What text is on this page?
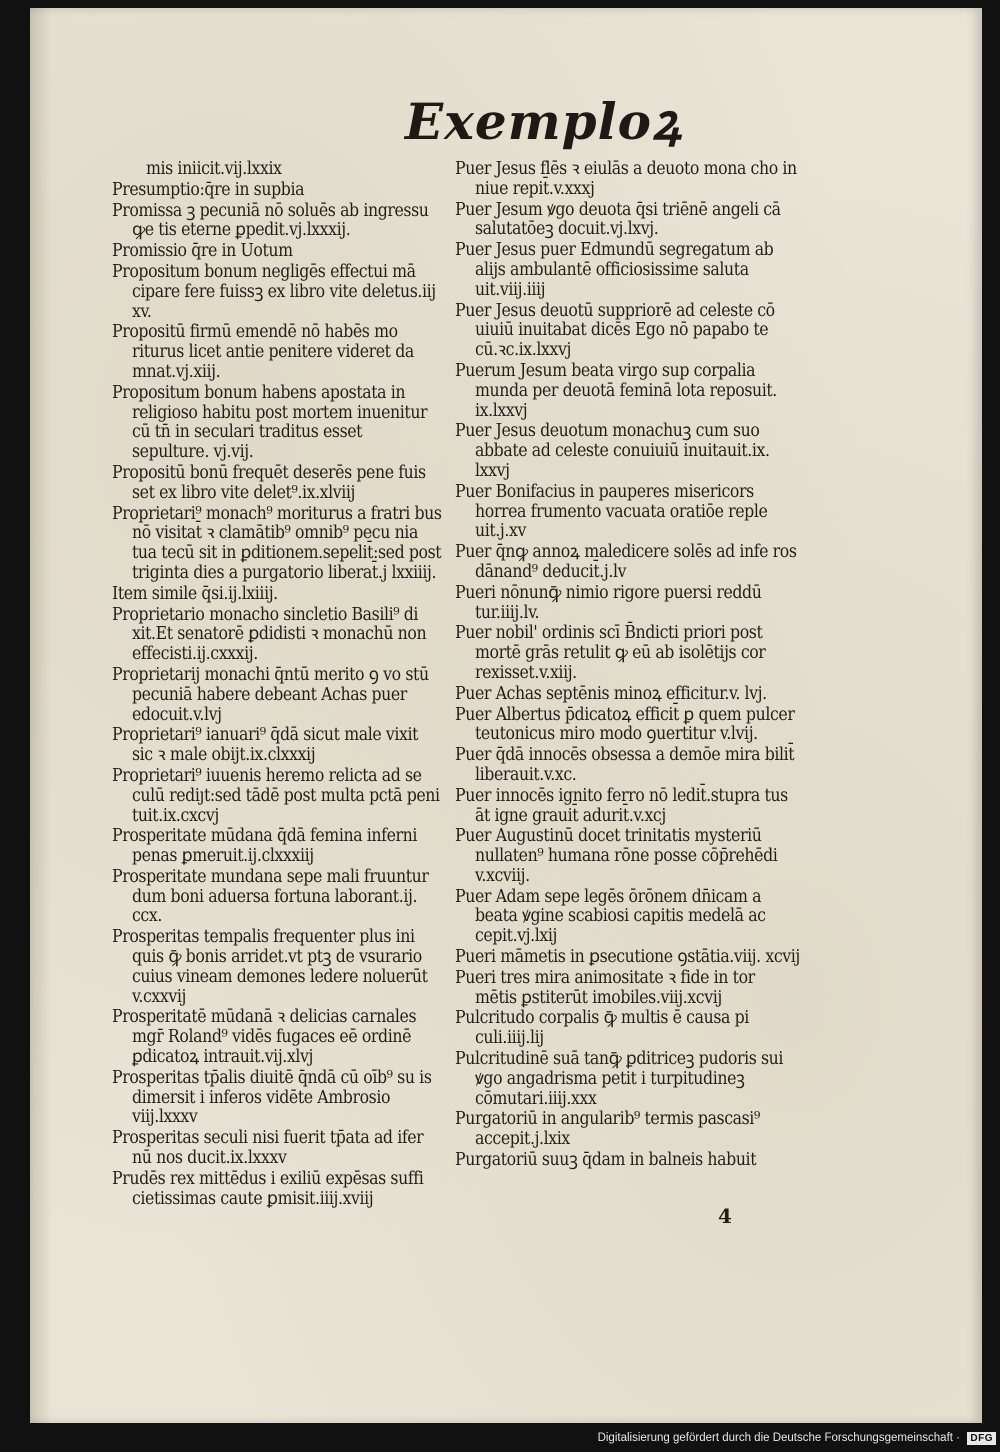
Exemploꝝ
mis iniicit.vij.lxxix
Presumptio:q̄re in supbia
Promissa ꝫ pecuniā nō soluēs ab ingressu ꝙe tis eterne ꝑpedit.vj.lxxxij.
Promissio q̄re in Uotum
Propositum bonum negligēs effectui mā cipare fere fuissꝫ ex libro vite deletus.iij xv.
Propositū firmū emendē nō habēs mo riturus licet antie penitere videret da mnat.vj.xiij.
Propositum bonum habens apostata in religioso habitu post mortem inuenitur cū tn̄ in seculari traditus esset sepulture. vj.vij.
Propositū bonū frequēt deserēs pene fuis set ex libro vite delet⁹.ix.xlviij
Proprietari⁹ monach⁹ moriturus a fratri bus nō visitat̄ ꝛ clamātib⁹ omnib⁹ pecu nia tua tecū sit in ꝑditionem.sepelit̄:sed post triginta dies a purgatorio liberat̄.j lxxiiij.
Item simile q̄si.ij.lxiiij.
Proprietario monacho sincletio Basili⁹ di xit.Et senatorē ꝑdidisti ꝛ monachū non effecisti.ij.cxxxij.
Proprietarij monachi q̄ntū merito ꝯ vo stū pecuniā habere debeant Achas puer edocuit.v.lvj
Proprietari⁹ ianuari⁹ q̄dā sicut male vixit sic ꝛ male obijt.ix.clxxxij
Proprietari⁹ iuuenis heremo relicta ad se culū rediȷt:sed tādē post multa pctā peni tuit.ix.cxcvj
Prosperitate mūdana q̄dā femina inferni penas ꝑmeruit.ij.clxxxiij
Prosperitate mundana sepe mali fruuntur dum boni aduersa fortuna laborant.ij. ccx.
Prosperitas tempalis frequenter plus ini quis ꝙ̄ bonis arridet.vt ptꝫ de vsurario cuius vineam demones ledere noluerūt v.cxxvij
Prosperitatē mūdanā ꝛ delicias carnales mgr̄ Roland⁹ vidēs fugaces eē ordinē ꝑdicatoꝝ intrauit.vij.xlvj
Prosperitas tp̄alis diuitē q̄ndā cū oīb⁹ su is dimersit i inferos vidēte Ambrosio viij.lxxxv
Prosperitas seculi nisi fuerit tp̄ata ad ifer nū nos ducit.ix.lxxxv
Prudēs rex mittēdus i exiliū expēsas suffi cietissimas caute ꝑmisit.iiij.xviij
Puer Jesus flēs ꝛ eiulās a deuoto mona cho in niue repit̄.v.xxxj
Puer Jesum ꝟgo deuota q̄si triēnē angeli cā salutatōeꝫ docuit.vj.lxvj.
Puer Jesus puer Edmundū segregatum ab alijs ambulantē officiosissime saluta uit.viij.iiij
Puer Jesus deuotū suppriorē ad celeste cō uiuiū inuitabat dicēs Ego nō papabo te cū.ꝛc.ix.lxxvj
Puerum Jesum beata virgo sup corpalia munda per deuotā feminā lota reposuit. ix.lxxvj
Puer Jesus deuotum monachuꝫ cum suo abbate ad celeste conuiuiū inuitauit.ix. lxxvj
Puer Bonifacius in pauperes misericors horrea frumento vacuata oratiōe reple uit.j.xv
Puer q̄nꝙ annoꝝ maledicere solēs ad infe ros dānand⁹ deducit̄.j.lv
Pueri nōnunꝙ̄ nimio rigore puersi reddū tur.iiij.lv.
Puer nobil' ordinis scī B̄ndicti priori post mortē grās retulit ꝙ eū ab isolētijs cor rexisset.v.xiij.
Puer Achas septēnis minoꝝ efficitur.v. lvj.
Puer Albertus p̄dicatoꝝ efficit̄ ꝑ quem pulcer teutonicus miro modo ꝯuertitur v.lvij.
Puer q̄dā innocēs obsessa a demōe mira bilit̄ liberauit.v.xc.
Puer innocēs ignito ferro nō ledit̄.stupra tus āt igne grauit̄ adurit̄.v.xcj
Puer Augustinū docet trinitatis mysteriū nullaten⁹ humana rōne posse cōp̄rehēdi v.xcviij.
Puer Adam sepe legēs ōrōnem dn̄icam a beata ꝟgine scabiosi capitis medelā ac cepit.vj.lxij
Pueri māmetis in ꝑsecutione ꝯstātia.viij. xcvij
Pueri tres mira animositate ꝛ fide in tor mētis ꝑstiterūt imobiles.viij.xcvij
Pulcritudo corpalis ꝙ̄ multis ē causa pi culi.iiij.lij
Pulcritudinē suā tanꝙ̄ ꝑditriceꝫ pudoris sui ꝟgo angadrisma petit i turpitudineꝫ cōmutari.iiij.xxx
Purgatoriū in angularib⁹ termis pascasi⁹ accepit.j.lxix
Purgatoriū suuꝫ q̄dam in balneis habuit
4
Digitalisierung gefördert durch die Deutsche Forschungsgemeinschaft ·	DFG
